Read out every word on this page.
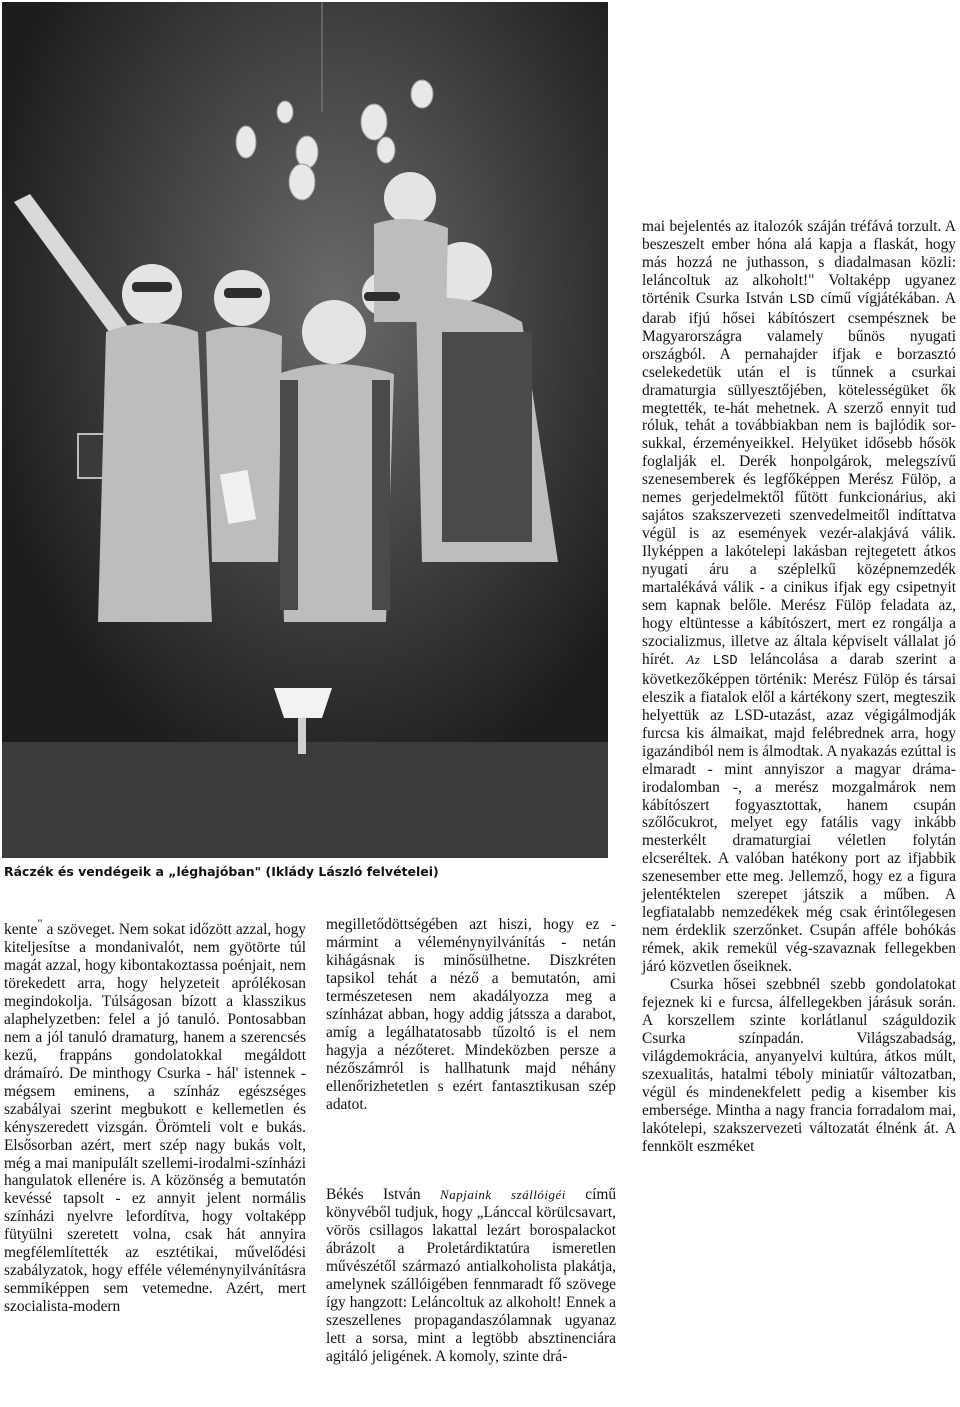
Ráczék és vendégeik a „léghajóban" (Iklády László felvételei)

kente" a szöveget. Nem sokat időzött azzal, hogy kiteljesítse a mondanivalót, nem gyötörte túl magát azzal, hogy kibontakoztassa poénjait, nem törekedett arra, hogy helyzeteit aprólékosan megindokolja. Túlságosan bízott a klasszikus alaphelyzetben: felel a jó tanuló. Pontosabban nem a jól tanuló dramaturg, hanem a szerencsés kezű, frappáns gondolatokkal megáldott drámaíró. De minthogy Csurka - hál' istennek - mégsem eminens, a színház egészséges szabályai szerint megbukott e kellemetlen és kényszeredett vizsgán. Örömteli volt e bukás. Elsősorban azért, mert szép nagy bukás volt, még a mai manipulált szellemi-irodalmi-színházi hangulatok ellenére is. A közönség a bemutatón kevéssé tapsolt - ez annyit jelent normális színházi nyelvre lefordítva, hogy voltaképp fütyülni szeretett volna, csak hát annyira megfélemlítették az esztétikai, művelődési szabályzatok, hogy efféle véleménynyilvánításra semmiképpen sem vetemedne. Azért, mert szocialista-modern

megilletődöttségében azt hiszi, hogy ez - mármint a véleménynyilvánítás - netán kihágásnak is minősülhetne. Diszkréten tapsikol tehát a néző a bemutatón, ami természetesen nem akadályozza meg a színházat abban, hogy addig játssza a darabot, amíg a legálhatatosabb tűzoltó is el nem hagyja a nézőteret. Mindeközben persze a nézőszámról is hallhatunk majd néhány ellenőrizhetetlen s ezért fantasztikusan szép adatot.

Békés István Napjaink szállóigéi című könyvéből tudjuk, hogy „Lánccal körülcsavart, vörös csillagos lakattal lezárt borospalackot ábrázolt a Proletárdiktatúra ismeretlen művészétől származó antialkoholista plakátja, amelynek szállóigében fennmaradt fő szövege így hangzott: Leláncoltuk az alkoholt! Ennek a szeszellenes propagandaszólamnak ugyanaz lett a sorsa, mint a legtöbb absztinenciára agitáló jeligének. A komoly, szinte drá-

mai bejelentés az italozók száján tréfává torzult. A beszeszelt ember hóna alá kapja a flaskát, hogy más hozzá ne juthasson, s diadalmasan közli: leláncoltuk az alkoholt!" Voltaképp ugyanez történik Csurka István LSD című vígjátékában. A darab ifjú hősei kábítószert csempésznek be Magyarországra valamely bűnös nyugati országból. A pernahajder ifjak e borzasztó cselekedetük után el is tűnnek a csurkai dramaturgia süllyesztőjében, kötelességüket ők megtették, te-hát mehetnek. A szerző ennyit tud róluk, tehát a továbbiakban nem is bajlódik sor-sukkal, érzeményeikkel. Helyüket idősebb hősök foglalják el. Derék honpolgárok, melegszívű szenesemberek és legfőképpen Merész Fülöp, a nemes gerjedelmektől fűtött funkcionárius, aki sajátos szakszervezeti szenvedelmeitől indíttatva végül is az események vezér-alakjává válik. Ilyképpen a lakótelepi lakásban rejtegetett átkos nyugati áru a széplelkű középnemzedék martalékává válik - a cinikus ifjak egy csipetnyit sem kapnak belőle. Merész Fülöp feladata az, hogy eltüntesse a kábítószert, mert ez rongálja a szocializmus, illetve az általa képviselt vállalat jó hírét. Az LSD leláncolása a darab szerint a következőképpen történik: Merész Fülöp és társai eleszik a fiatalok elől a kártékony szert, megteszik helyettük az LSD-utazást, azaz végigálmodják furcsa kis álmaikat, majd felébrednek arra, hogy igazándiból nem is álmodtak. A nyakazás ezúttal is elmaradt - mint annyiszor a magyar dráma-irodalomban -, a merész mozgalmárok nem kábítószert fogyasztottak, hanem csupán szőlőcukrot, melyet egy fatális vagy inkább mesterkélt dramaturgiai véletlen folytán elcseréltek. A valóban hatékony port az ifjabbik szenesember ette meg. Jellemző, hogy ez a figura jelentéktelen szerepet játszik a műben. A legfiatalabb nemzedékek még csak érintőlegesen nem érdeklik szerzőnket. Csupán afféle bohókás rémek, akik remekül vég-szavaznak fellegekben járó közvetlen őseiknek.

Csurka hősei szebbnél szebb gondolatokat fejeznek ki e furcsa, álfellegekben járásuk során. A korszellem szinte korlátlanul száguldozik Csurka színpadán. Világszabadság, világdemokrácia, anyanyelvi kultúra, átkos múlt, szexualitás, hatalmi téboly miniatűr változatban, végül és mindenekfelett pedig a kisember kis embersége. Mintha a nagy francia forradalom mai, lakótelepi, szakszervezeti változatát élnénk át. A fennkölt eszméket
